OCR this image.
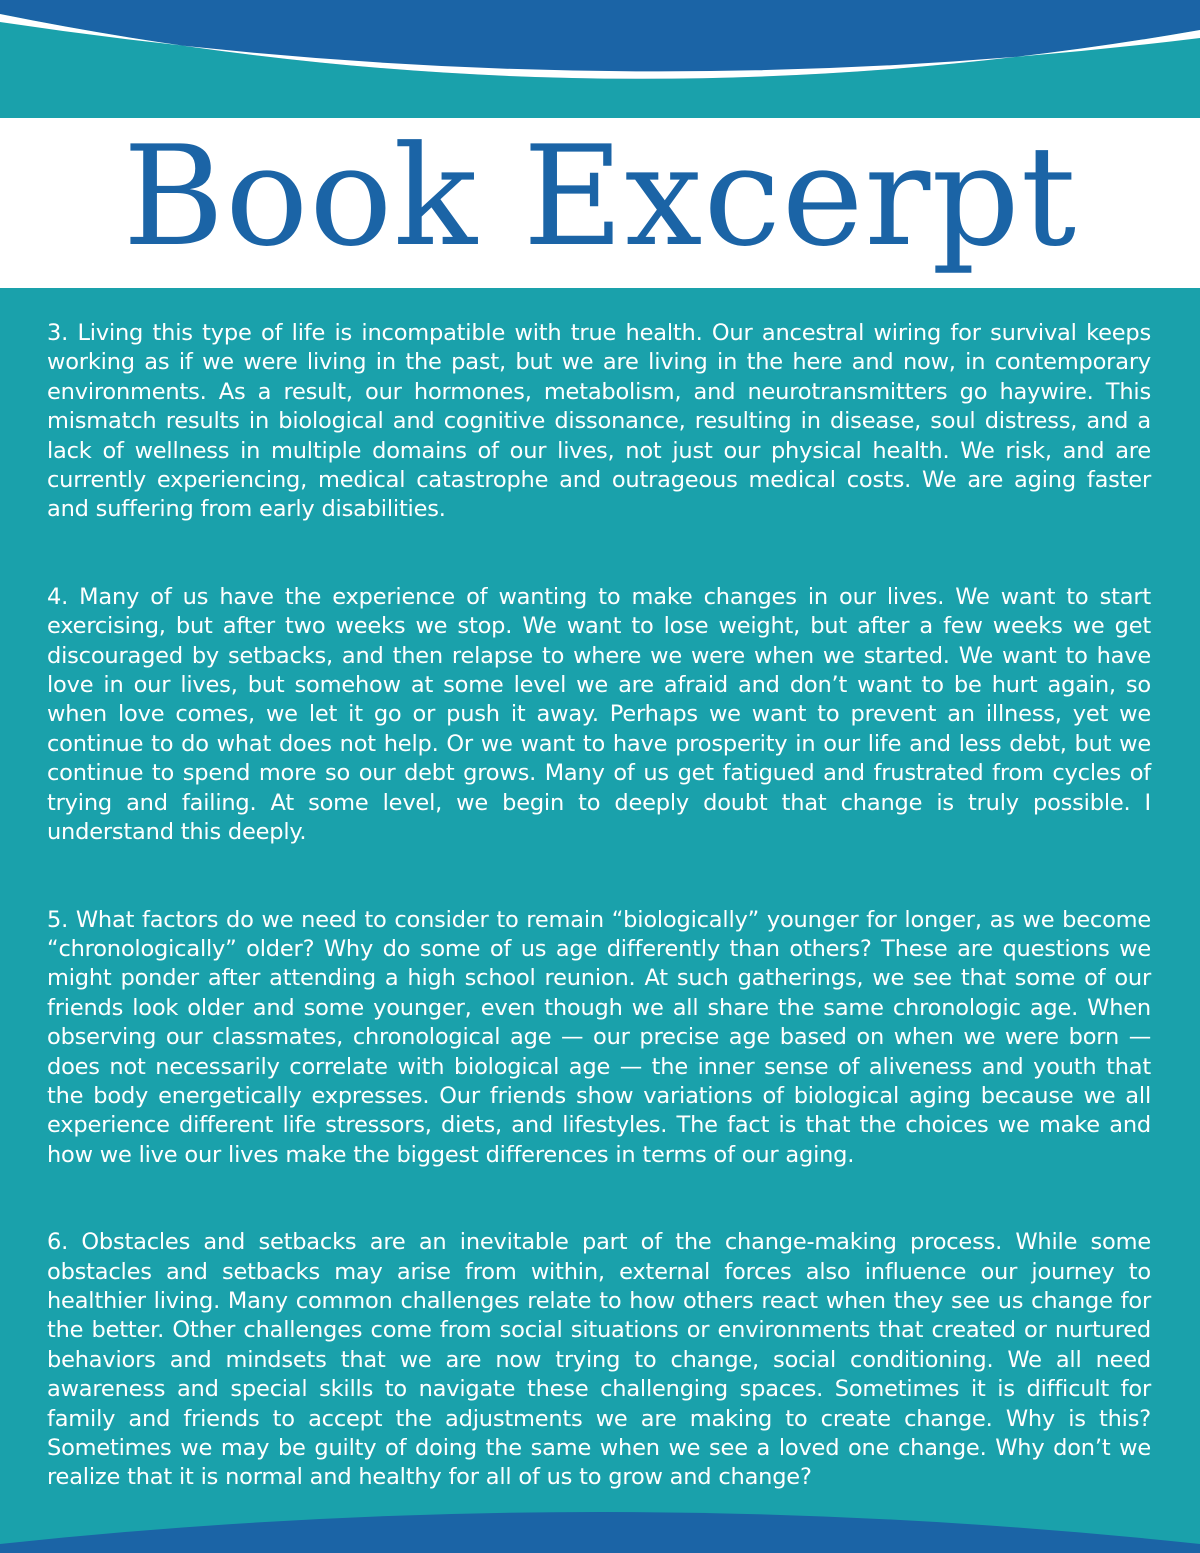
Book Excerpt

3. Living this type of life is incompatible with true health. Our ancestral wiring for survival keeps working as if we were living in the past, but we are living in the here and now, in contemporary environments. As a result, our hormones, metabolism, and neurotransmitters go haywire. This mismatch results in biological and cognitive dissonance, resulting in disease, soul distress, and a lack of wellness in multiple domains of our lives, not just our physical health. We risk, and are currently experiencing, medical catastrophe and outrageous medical costs. We are aging faster and suffering from early disabilities.

4. Many of us have the experience of wanting to make changes in our lives. We want to start exercising, but after two weeks we stop. We want to lose weight, but after a few weeks we get discouraged by setbacks, and then relapse to where we were when we started. We want to have love in our lives, but somehow at some level we are afraid and don’t want to be hurt again, so when love comes, we let it go or push it away. Perhaps we want to prevent an illness, yet we continue to do what does not help. Or we want to have prosperity in our life and less debt, but we continue to spend more so our debt grows. Many of us get fatigued and frustrated from cycles of trying and failing. At some level, we begin to deeply doubt that change is truly possible. I understand this deeply.

5. What factors do we need to consider to remain “biologically” younger for longer, as we become “chronologically” older? Why do some of us age differently than others? These are questions we might ponder after attending a high school reunion. At such gatherings, we see that some of our friends look older and some younger, even though we all share the same chronologic age. When observing our classmates, chronological age — our precise age based on when we were born — does not necessarily correlate with biological age — the inner sense of aliveness and youth that the body energetically expresses. Our friends show variations of biological aging because we all experience different life stressors, diets, and lifestyles. The fact is that the choices we make and how we live our lives make the biggest differences in terms of our aging.

6. Obstacles and setbacks are an inevitable part of the change-making process. While some obstacles and setbacks may arise from within, external forces also influence our journey to healthier living. Many common challenges relate to how others react when they see us change for the better. Other challenges come from social situations or environments that created or nurtured behaviors and mindsets that we are now trying to change, social conditioning. We all need awareness and special skills to navigate these challenging spaces. Sometimes it is difficult for family and friends to accept the adjustments we are making to create change. Why is this? Sometimes we may be guilty of doing the same when we see a loved one change. Why don’t we realize that it is normal and healthy for all of us to grow and change?
